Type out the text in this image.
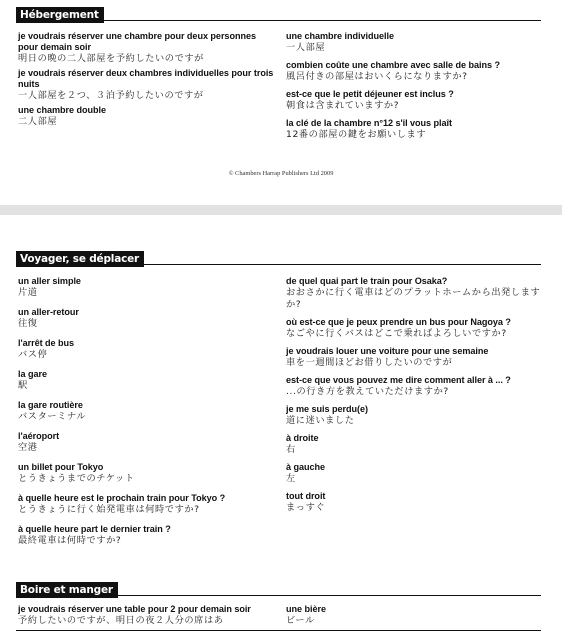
Hébergement
je voudrais réserver une chambre pour deux personnes pour demain soir
明日の晩の二人部屋を予約したいのですが
je voudrais réserver deux chambres individuelles pour trois nuits
一人部屋を２つ、３泊予約したいのですが
une chambre double
二人部屋
une chambre individuelle
一人部屋
combien coûte une chambre avec salle de bains ?
風呂付きの部屋はおいくらになりますか?
est-ce que le petit déjeuner est inclus ?
朝食は含まれていますか?
la clé de la chambre n°12 s'il vous plaît
12番の部屋の鍵をお願いします
© Chambers Harrap Publishers Ltd 2009
Voyager, se déplacer
un aller simple
片道
un aller-retour
往復
l'arrêt de bus
バス停
la gare
駅
la gare routière
バスターミナル
l'aéroport
空港
un billet pour Tokyo
とうきょうまでのチケット
à quelle heure est le prochain train pour Tokyo ?
とうきょうに行く始発電車は何時ですか?
à quelle heure part le dernier train ?
最終電車は何時ですか?
de quel quai part le train pour Osaka?
おおさかに行く電車はどのプラットホームから出発しますか?
où est-ce que je peux prendre un bus pour Nagoya ?
なごやに行くバスはどこで乗ればよろしいですか?
je voudrais louer une voiture pour une semaine
車を一週間ほどお借りしたいのですが
est-ce que vous pouvez me dire comment aller à ... ?
...の行き方を教えていただけますか?
je me suis perdu(e)
道に迷いました
à droite
右
à gauche
左
tout droit
まっすぐ
Boire et manger
je voudrais réserver une table pour 2 pour demain soir
予約したいのですが、明日の夜２人分の席はあ
une bière
ビール
